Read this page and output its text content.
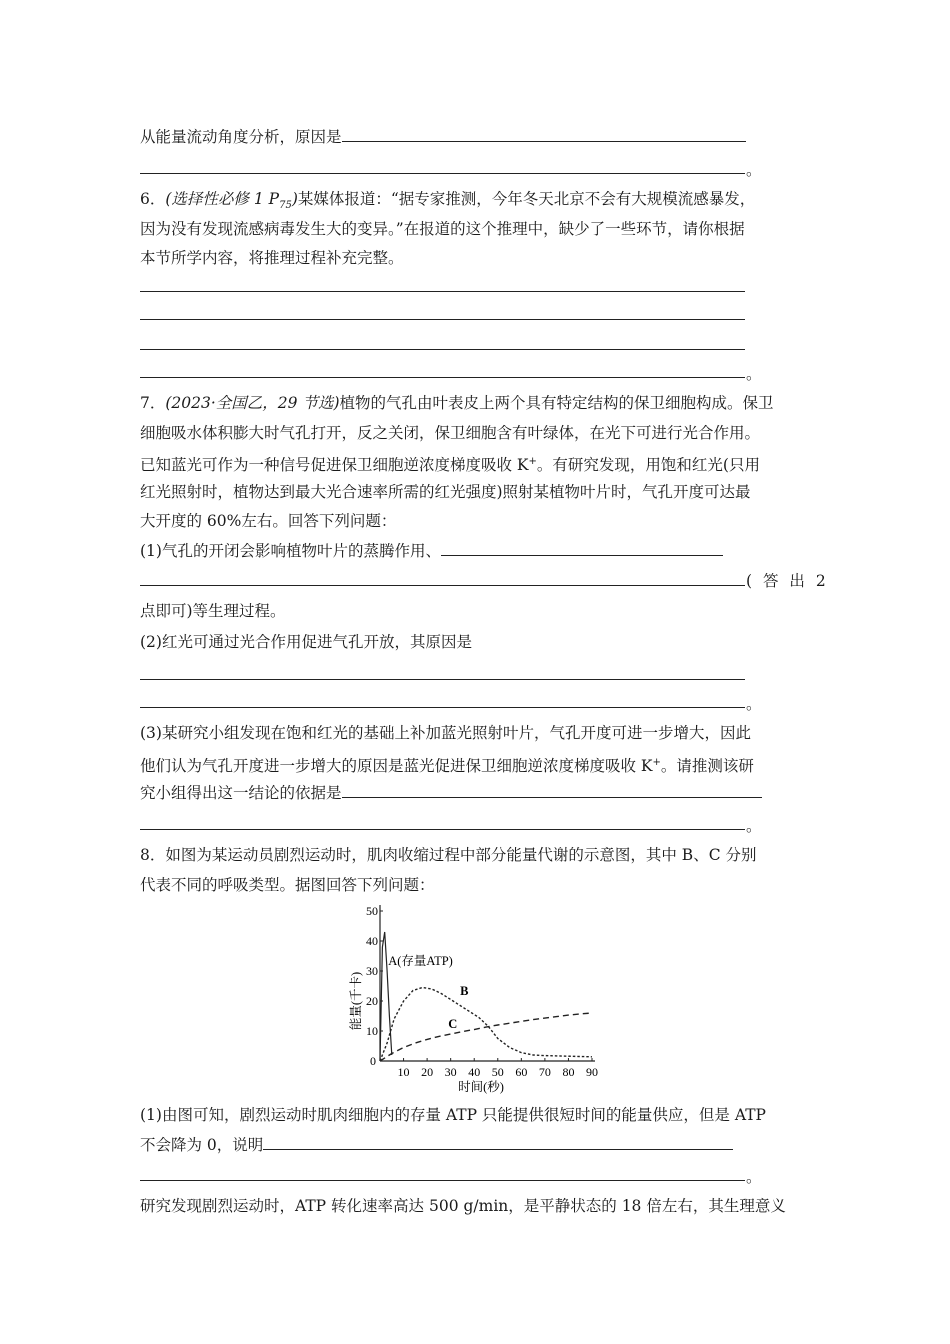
从能量流动角度分析，原因是
。
6．(选择性必修 1 $P_{75}$)某媒体报道：“据专家推测，今年冬天北京不会有大规模流感暴发，
因为没有发现流感病毒发生大的变异。”在报道的这个推理中，缺少了一些环节，请你根据
本节所学内容，将推理过程补充完整。
。
7．(2023·全国乙，29 节选)植物的气孔由叶表皮上两个具有特定结构的保卫细胞构成。保卫
细胞吸水体积膨大时气孔打开，反之关闭，保卫细胞含有叶绿体，在光下可进行光合作用。
已知蓝光可作为一种信号促进保卫细胞逆浓度梯度吸收 K+。有研究发现，用饱和红光(只用
红光照射时，植物达到最大光合速率所需的红光强度)照射某植物叶片时，气孔开度可达最
大开度的 60%左右。回答下列问题：
(1)气孔的开闭会影响植物叶片的蒸腾作用、
( 答 出 2
点即可)等生理过程。
(2)红光可通过光合作用促进气孔开放，其原因是
。
(3)某研究小组发现在饱和红光的基础上补加蓝光照射叶片，气孔开度可进一步增大，因此
他们认为气孔开度进一步增大的原因是蓝光促进保卫细胞逆浓度梯度吸收 K+。请推测该研
究小组得出这一结论的依据是
。
8．如图为某运动员剧烈运动时，肌肉收缩过程中部分能量代谢的示意图，其中 B、C 分别
代表不同的呼吸类型。据图回答下列问题：
0
10 20 30 40 50 60 70 80 90
10
20
30
40
50
A(存量ATP)
B
C
时间(秒)
能量(千卡)
(1)由图可知，剧烈运动时肌肉细胞内的存量 ATP 只能提供很短时间的能量供应，但是 ATP
不会降为 0，说明
。
研究发现剧烈运动时，ATP 转化速率高达 500 g/min，是平静状态的 18 倍左右，其生理意义
